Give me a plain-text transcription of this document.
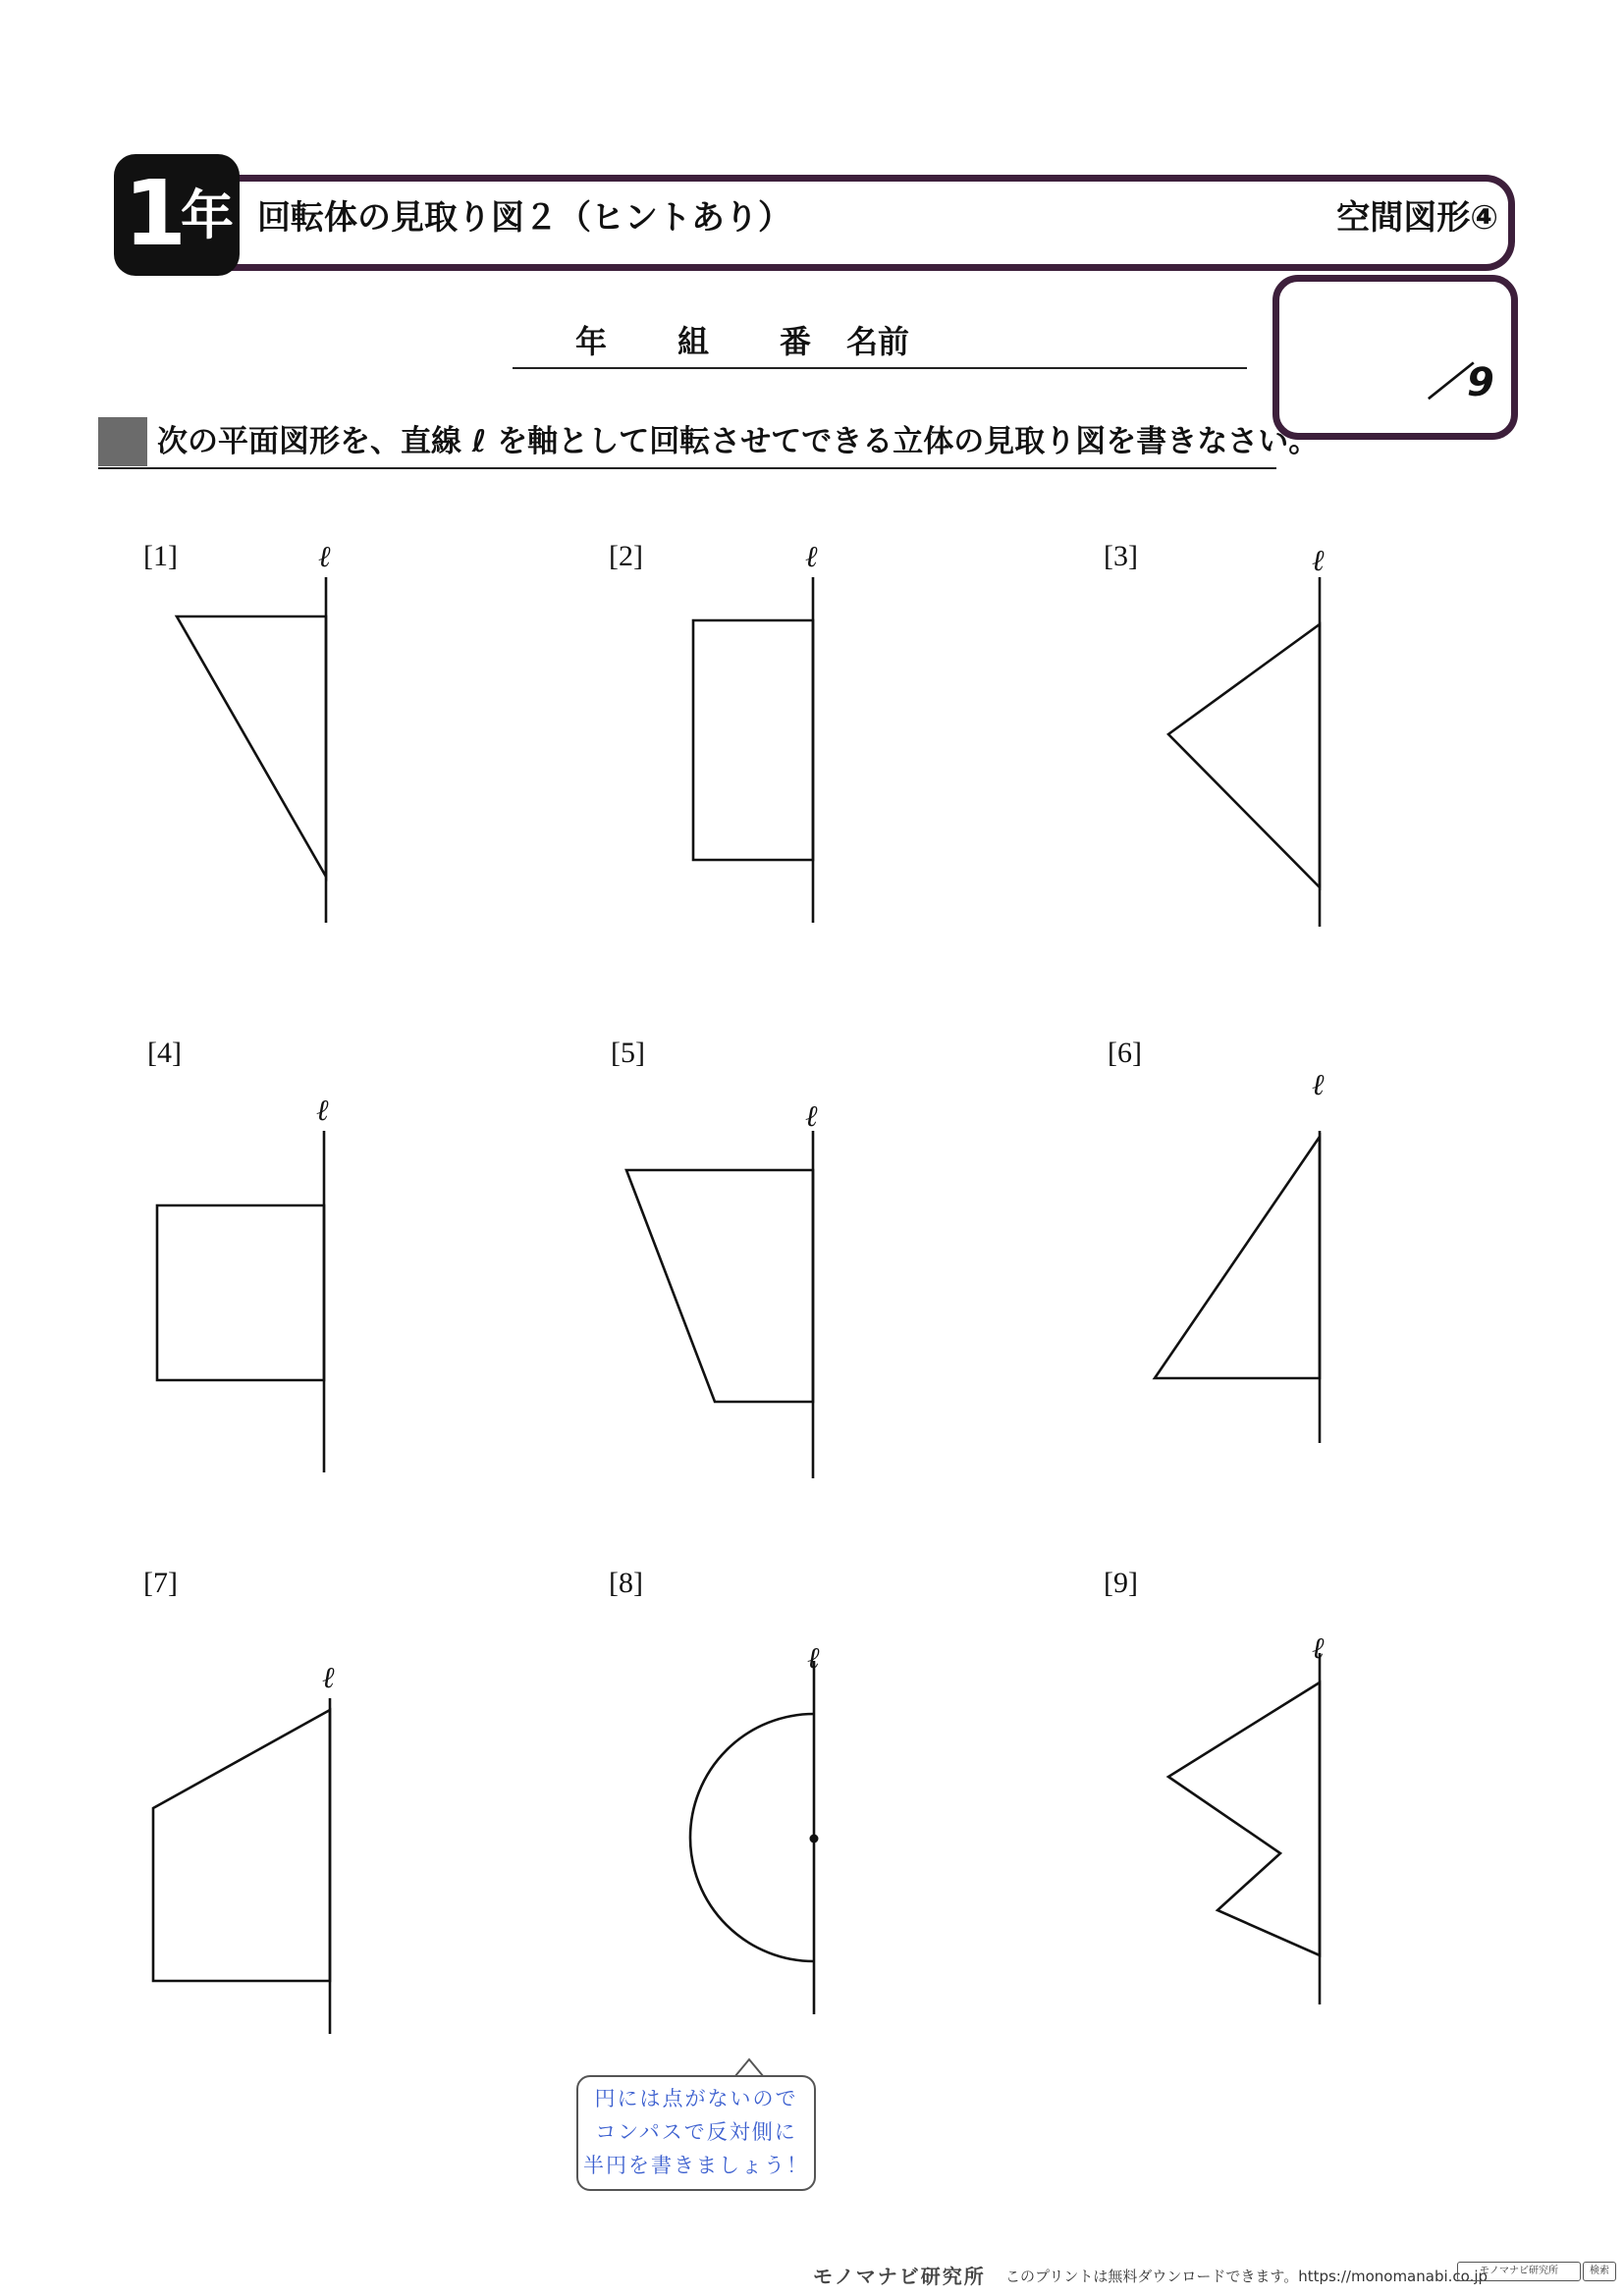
1
年 回転体の見取り図２（ヒントあり）	空間図形④
／9
年 組 番 名前
次の平面図形を、直線 ℓ を軸として回転させてできる立体の見取り図を書きなさい。
[1]	[2]	[3]
[4]	[5]	[6]
[7]	[8]	[9]
ℓ	ℓ	ℓ
ℓ	ℓ
ℓ
ℓ
ℓ	ℓ
円には点がないので
コンパスで反対側に
半円を書きましょう！
モノマナビ研究所 このプリントは無料ダウンロードできます。https://monomanabi.co.jp
モノマナビ研究所	検索
